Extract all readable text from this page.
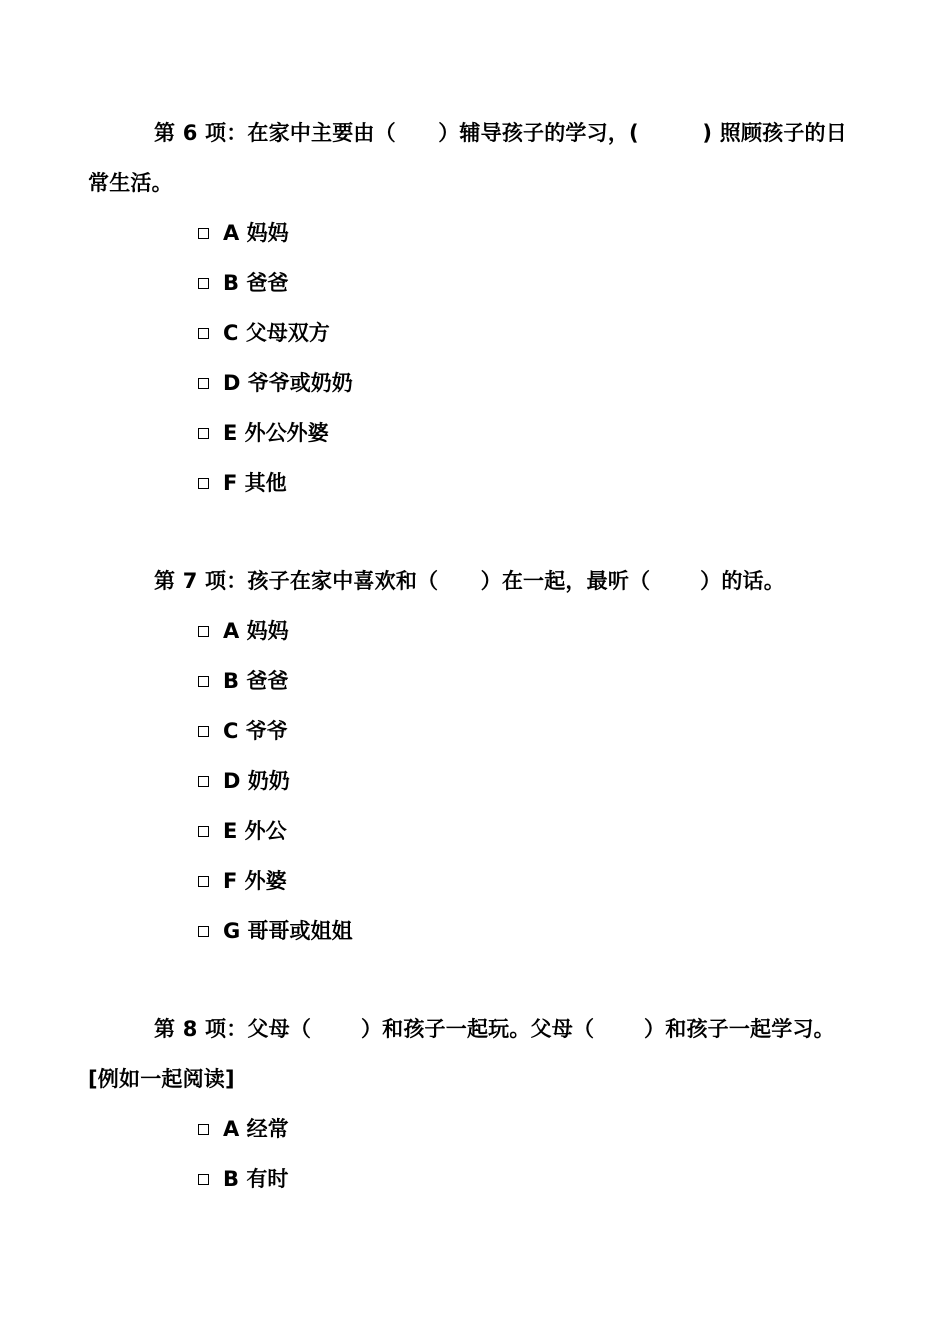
第 6 项：在家中主要由（　　）辅导孩子的学习，(　　　) 照顾孩子的日常生活。

A 妈妈
B 爸爸
C 父母双方
D 爷爷或奶奶
E 外公外婆
F 其他

第 7 项：孩子在家中喜欢和（　　）在一起，最听（　　 ）的话。

A 妈妈
B 爸爸
C 爷爷
D 奶奶
E 外公
F 外婆
G 哥哥或姐姐

第 8 项：父母（　　 ）和孩子一起玩。父母（　　 ）和孩子一起学习。 [例如一起阅读]

A 经常
B 有时
